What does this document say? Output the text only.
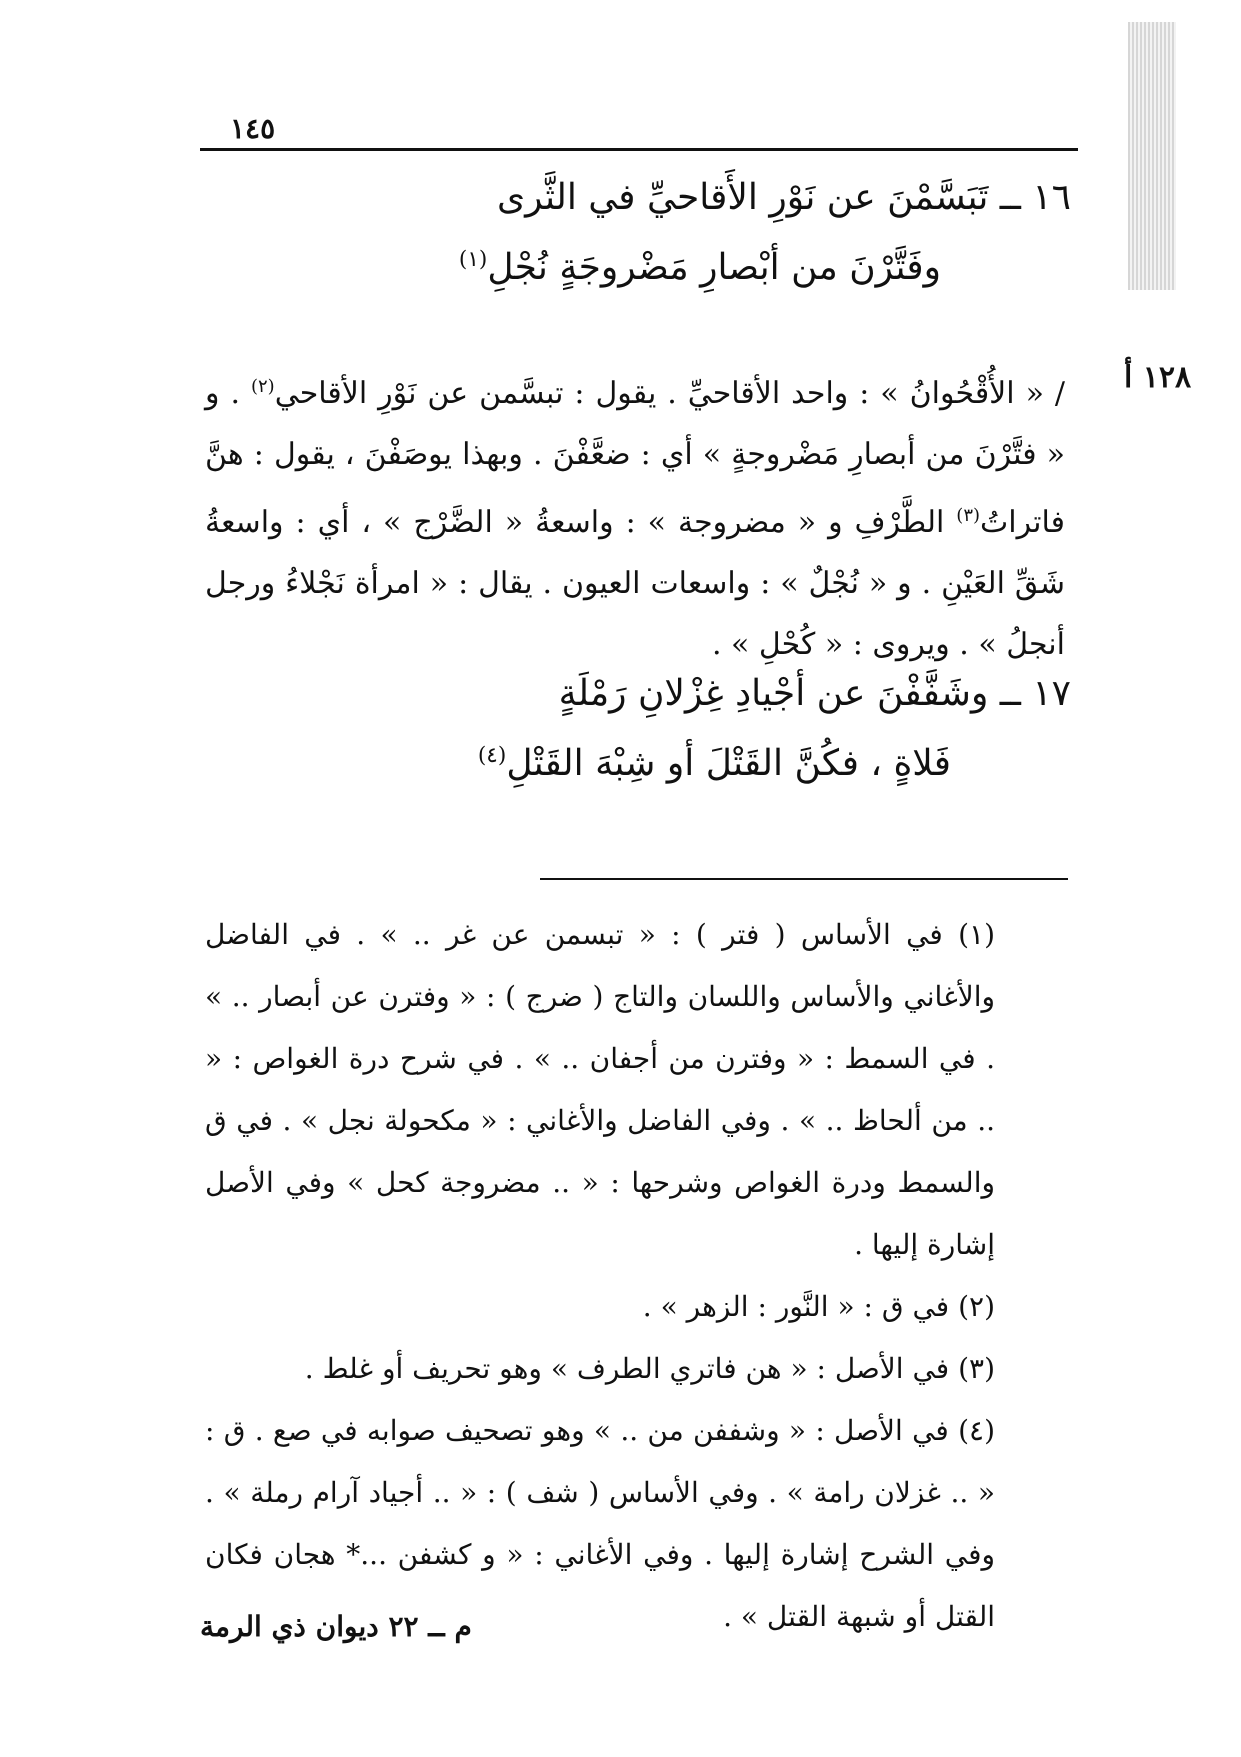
١٤٥
١٢٨ أ
١٦ ــ تَبَسَّمْنَ عن نَوْرِ الأَقاحيِّ في الثَّرى
وفَتَّرْنَ من أبْصارِ مَضْروجَةٍ نُجْلِ$^{(١)}$

/ « الأُقْحُوانُ » : واحد الأقاحيِّ . يقول : تبسَّمن عن نَوْرِ الأقاحي$^{(٢)}$ . و « فتَّرْنَ من أبصارِ مَضْروجةٍ » أي : ضعَّفْنَ . وبهذا يوصَفْنَ ، يقول : هنَّ فاتراتُ$^{(٣)}$ الطَّرْفِ و « مضروجة » : واسعةُ « الضَّرْج » ، أي : واسعةُ شَقِّ العَيْنِ . و « نُجْلٌ » : واسعات العيون . يقال : « امرأة نَجْلاءُ ورجل أنجلُ » . ويروى : « كُحْلِ » .

١٧ ــ وشَفَّفْنَ عن أجْيادِ غِزْلانِ رَمْلَةٍ
فَلاةٍ ، فكُنَّ القَتْلَ أو شِبْهَ القَتْلِ$^{(٤)}$

(١) في الأساس ( فتر ) : « تبسمن عن غر .. » . في الفاضل والأغاني والأساس واللسان والتاج ( ضرج ) : « وفترن عن أبصار .. » . في السمط : « وفترن من أجفان .. » . في شرح درة الغواص : « .. من ألحاظ .. » . وفي الفاضل والأغاني : « مكحولة نجل » . في ق والسمط ودرة الغواص وشرحها : « .. مضروجة كحل » وفي الأصل إشارة إليها .

(٢) في ق : « النَّور : الزهر » .

(٣) في الأصل : « هن فاتري الطرف » وهو تحريف أو غلط .

(٤) في الأصل : « وشففن من .. » وهو تصحيف صوابه في صع . ق : « .. غزلان رامة » . وفي الأساس ( شف ) : « .. أجياد آرام رملة » . وفي الشرح إشارة إليها . وفي الأغاني : « و كشفن ...* هجان فكان القتل أو شبهة القتل » .

م ــ ٢٢ ديوان ذي الرمة
